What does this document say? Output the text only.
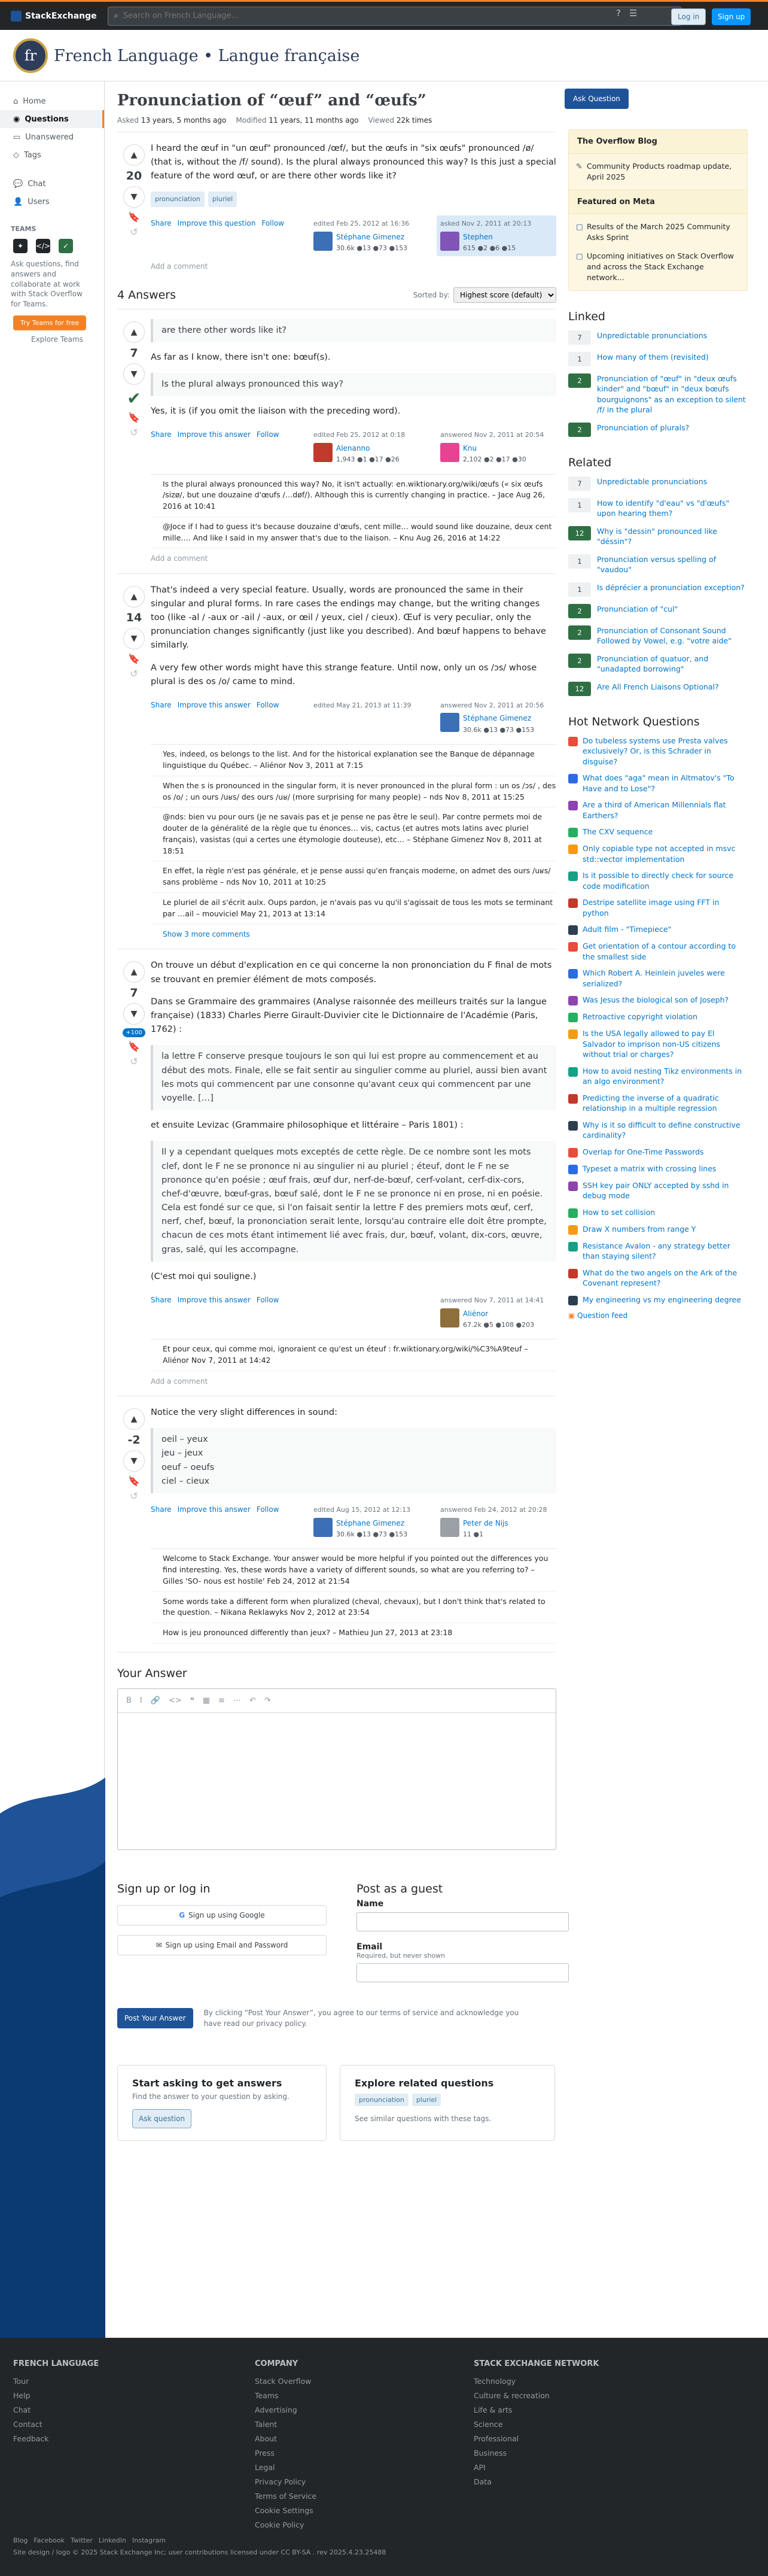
StackExchange ⌕
Search on French Language...	? ☰	Log in	Sign up
fr	French Language • Langue française
⌂ Home
◉ Questions
▭ Unanswered
◇ Tags
💬 Chat
👤 Users
TEAMS
✦	</>	✓
Ask questions, find answers and collaborate at work with Stack Overflow for Teams.
Try Teams for free
Explore Teams
Pronunciation of “œuf” and “œufs”
Asked 13 years, 5 months ago Modified 11 years, 11 months ago Viewed 22k times
▲
20
▼
🔖
↺

I heard the œuf in "un œuf" pronounced /œf/, but the œufs in "six œufs" pronounced /ø/ (that is, without the /f/ sound). Is the plural always pronounced this way? Is this just a special feature of the word œuf, or are there other words like it?

pronunciation	pluriel
Share Improve this question Follow	edited Feb 25, 2012 at 16:36
Stéphane Gimenez
30.6k ●13 ●73 ●153
asked Nov 2, 2011 at 20:13
Stephen
615 ●2 ●6 ●15
Add a comment
4 Answers	Sorted by:
Highest score (default)
▲
7
▼
✔
🔖
↺
are there other words like it?

As far as I know, there isn't one: bœuf(s).

Is the plural always pronounced this way?

Yes, it is (if you omit the liaison with the preceding word).

Share Improve this answer Follow	edited Feb 25, 2012 at 0:18
Alenanno
1,943 ●1 ●17 ●26
answered Nov 2, 2011 at 20:54
Knu
2,102 ●2 ●17 ●30
Is the plural always pronounced this way? No, it isn't actually: en.wiktionary.org/wiki/œufs (« six œufs /sizø/, but une douzaine d'œufs /…døf/). Although this is currently changing in practice. – Jace Aug 26, 2016 at 10:41
@Joce if I had to guess it's because douzaine d'œufs, cent mille… would sound like douzaine, deux cent mille…. And like I said in my answer that's due to the liaison. – Knu Aug 26, 2016 at 14:22
Add a comment
▲
14
▼
🔖
↺

That's indeed a very special feature. Usually, words are pronounced the same in their singular and plural forms. In rare cases the endings may change, but the writing changes too (like -al / -aux or -ail / -aux, or œil / yeux, ciel / cieux). Œuf is very peculiar, only the pronunciation changes significantly (just like you described). And bœuf happens to behave similarly.

A very few other words might have this strange feature. Until now, only un os /ɔs/ whose plural is des os /o/ came to mind.

Share Improve this answer Follow	edited May 21, 2013 at 11:39	answered Nov 2, 2011 at 20:56
Stéphane Gimenez
30.6k ●13 ●73 ●153
Yes, indeed, os belongs to the list. And for the historical explanation see the Banque de dépannage linguistique du Québec. – Aliénor Nov 3, 2011 at 7:15
When the s is pronounced in the singular form, it is never pronounced in the plural form : un os /ɔs/ , des os /o/ ; un ours /uʁs/ des ours /uʁ/ (more surprising for many people) – nds Nov 8, 2011 at 15:25
@nds: bien vu pour ours (je ne savais pas et je pense ne pas être le seul). Par contre permets moi de douter de la généralité de la règle que tu énonces… vis, cactus (et autres mots latins avec pluriel français), vasistas (qui a certes une étymologie douteuse), etc… – Stéphane Gimenez Nov 8, 2011 at 18:51
En effet, la règle n'est pas générale, et je pense aussi qu'en français moderne, on admet des ours /uʁs/ sans problème – nds Nov 10, 2011 at 10:25
Le pluriel de ail s'écrit aulx. Oups pardon, je n'avais pas vu qu'il s'agissait de tous les mots se terminant par …ail – mouviciel May 21, 2013 at 13:14
Show 3 more comments
▲
7
▼
+100
🔖
↺

On trouve un début d'explication en ce qui concerne la non prononciation du F final de mots se trouvant en premier élément de mots composés.

Dans se Grammaire des grammaires (Analyse raisonnée des meilleurs traités sur la langue française) (1833) Charles Pierre Girault-Duvivier cite le Dictionnaire de l'Académie (Paris, 1762) :

la lettre F conserve presque toujours le son qui lui est propre au commencement et au début des mots. Finale, elle se fait sentir au singulier comme au pluriel, aussi bien avant les mots qui commencent par une consonne qu'avant ceux qui commencent par une voyelle. […]

et ensuite Levizac (Grammaire philosophique et littéraire – Paris 1801) :

Il y a cependant quelques mots exceptés de cette règle. De ce nombre sont les mots clef, dont le F ne se prononce ni au singulier ni au pluriel ; éteuf, dont le F ne se prononce qu'en poésie ; œuf frais, œuf dur, nerf-de-bœuf, cerf-volant, cerf-dix-cors, chef-d'œuvre, bœuf-gras, bœuf salé, dont le F ne se prononce ni en prose, ni en poésie. Cela est fondé sur ce que, si l'on faisait sentir la lettre F des premiers mots œuf, cerf, nerf, chef, bœuf, la prononciation serait lente, lorsqu'au contraire elle doit être prompte, chacun de ces mots étant intimement lié avec frais, dur, bœuf, volant, dix-cors, œuvre, gras, salé, qui les accompagne.

(C'est moi qui souligne.)

Share Improve this answer Follow	answered Nov 7, 2011 at 14:41
Aliénor
67.2k ●5 ●108 ●203
Et pour ceux, qui comme moi, ignoraient ce qu'est un éteuf : fr.wiktionary.org/wiki/%C3%A9teuf – Aliénor Nov 7, 2011 at 14:42
Add a comment
▲
-2
▼
🔖
↺

Notice the very slight differences in sound:

oeil – yeux
jeu – jeux
oeuf – oeufs
ciel – cieux
Share Improve this answer Follow	edited Aug 15, 2012 at 12:13
Stéphane Gimenez
30.6k ●13 ●73 ●153
answered Feb 24, 2012 at 20:28
Peter de Nijs
11 ●1
Welcome to Stack Exchange. Your answer would be more helpful if you pointed out the differences you find interesting. Yes, these words have a variety of different sounds, so what are you referring to? – Gilles 'SO- nous est hostile' Feb 24, 2012 at 21:54
Some words take a different form when pluralized (cheval, chevaux), but I don't think that's related to the question. – Nikana Reklawyks Nov 2, 2012 at 23:54
How is jeu pronounced differently than jeux? – Mathieu Jun 27, 2013 at 23:18
Your Answer
B I 🔗 <> ❝ ▦ ≡ ⋯ ↶ ↷
Sign up or log in
G Sign up using Google
✉ Sign up using Email and Password
Post as a guest
Name
Email
Required, but never shown
Post Your Answer
By clicking “Post Your Answer”, you agree to our terms of service and acknowledge you have read our privacy policy.
Start asking to get answers

Find the answer to your question by asking.

Ask question
Explore related questions
pronunciation	pluriel

See similar questions with these tags.

Ask Question
The Overflow Blog
✎ Community Products roadmap update, April 2025
Featured on Meta
▢ Results of the March 2025 Community Asks Sprint
▢ Upcoming initiatives on Stack Overflow and across the Stack Exchange network...
Linked
7	Unpredictable pronunciations
1	How many of them (revisited)
2	Pronunciation of "œuf" in "deux œufs kinder" and "bœuf" in "deux bœufs bourguignons" as an exception to silent /f/ in the plural
2	Pronunciation of plurals?
Related
7	Unpredictable pronunciations
1	How to identify "d'eau" vs "d'œufs" upon hearing them?
12	Why is "dessin" pronounced like "déssin"?
1	Pronunciation versus spelling of "vaudou"
1	Is déprécier a pronunciation exception?
2	Pronunciation of "cul"
2	Pronunciation of Consonant Sound Followed by Vowel, e.g. "votre aide"
2	Pronunciation of quatuor, and "unadapted borrowing"
12	Are All French Liaisons Optional?
Hot Network Questions
Do tubeless systems use Presta valves exclusively? Or, is this Schrader in disguise?
What does "aga" mean in Altmatov's "To Have and to Lose"?
Are a third of American Millennials flat Earthers?
The CXV sequence
Only copiable type not accepted in msvc std::vector implementation
Is it possible to directly check for source code modification
Destripe satellite image using FFT in python
Adult film - "Timepiece"
Get orientation of a contour according to the smallest side
Which Robert A. Heinlein juveles were serialized?
Was Jesus the biological son of Joseph?
Retroactive copyright violation
Is the USA legally allowed to pay El Salvador to imprison non-US citizens without trial or charges?
How to avoid nesting Tikz environments in an algo environment?
Predicting the inverse of a quadratic relationship in a multiple regression
Why is it so difficult to define constructive cardinality?
Overlap for One-Time Passwords
Typeset a matrix with crossing lines
SSH key pair ONLY accepted by sshd in debug mode
How to set collision
Draw X numbers from range Y
Resistance Avalon - any strategy better than staying silent?
What do the two angels on the Ark of the Covenant represent?
My engineering vs my engineering degree
▣ Question feed
FRENCH LANGUAGE
Tour
Help
Chat
Contact
Feedback
COMPANY
Stack Overflow
Teams
Advertising
Talent
About
Press
Legal
Privacy Policy
Terms of Service
Cookie Settings
Cookie Policy
STACK EXCHANGE NETWORK
Technology
Culture & recreation
Life & arts
Science
Professional
Business
API
Data
Blog Facebook Twitter LinkedIn Instagram
Site design / logo © 2025 Stack Exchange Inc; user contributions licensed under CC BY-SA . rev 2025.4.23.25488
